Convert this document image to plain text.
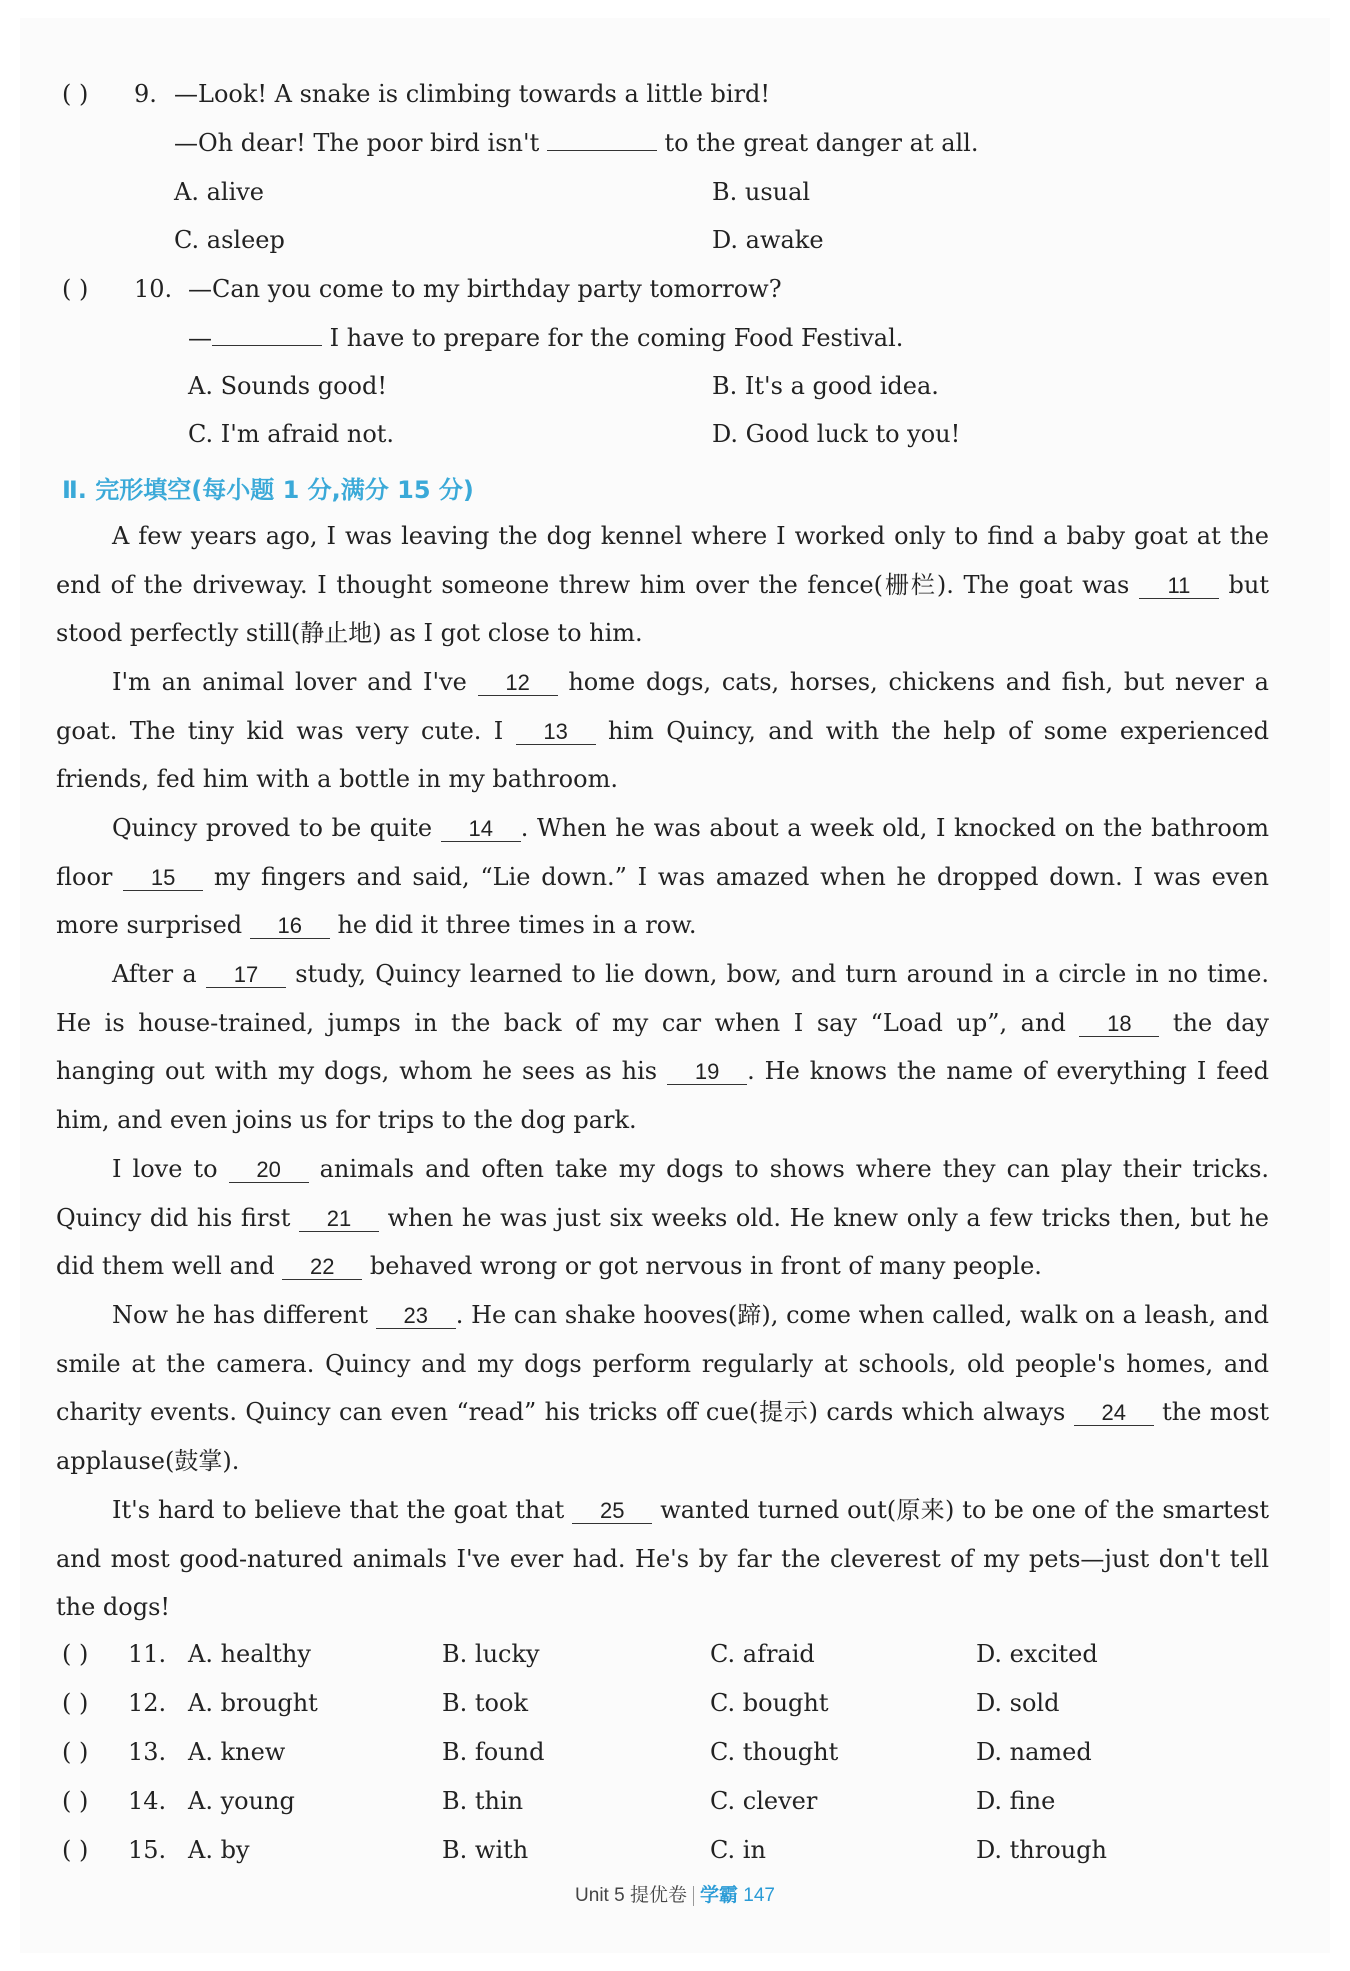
( ) 9. —Look! A snake is climbing towards a little bird!
—Oh dear! The poor bird isn't	to the great danger at all.
A. alive	B. usual
C. asleep	D. awake
( ) 10. —Can you come to my birthday party tomorrow?
—	I have to prepare for the coming Food Festival.
A. Sounds good!	B. It's a good idea.
C. I'm afraid not.	D. Good luck to you!
Ⅱ. 完形填空(每小题 1 分,满分 15 分)
A few years ago, I was leaving the dog kennel where I worked only to find a baby goat at the end of the driveway. I thought someone threw him over the fence(栅栏). The goat was 11 but stood perfectly still(静止地) as I got close to him.
I'm an animal lover and I've 12 home dogs, cats, horses, chickens and fish, but never a goat. The tiny kid was very cute. I 13 him Quincy, and with the help of some experienced friends, fed him with a bottle in my bathroom.
Quincy proved to be quite 14 . When he was about a week old, I knocked on the bathroom floor 15 my fingers and said, “Lie down.” I was amazed when he dropped down. I was even more surprised 16 he did it three times in a row.
After a 17 study, Quincy learned to lie down, bow, and turn around in a circle in no time. He is house-trained, jumps in the back of my car when I say “Load up”, and 18 the day hanging out with my dogs, whom he sees as his 19 . He knows the name of everything I feed him, and even joins us for trips to the dog park.
I love to 20 animals and often take my dogs to shows where they can play their tricks. Quincy did his first 21 when he was just six weeks old. He knew only a few tricks then, but he did them well and 22 behaved wrong or got nervous in front of many people.
Now he has different 23 . He can shake hooves(蹄), come when called, walk on a leash, and smile at the camera. Quincy and my dogs perform regularly at schools, old people's homes, and charity events. Quincy can even “read” his tricks off cue(提示) cards which always 24 the most applause(鼓掌).
It's hard to believe that the goat that 25 wanted turned out(原来) to be one of the smartest and most good-natured animals I've ever had. He's by far the cleverest of my pets—just don't tell the dogs!
( ) 11. A. healthy	B. lucky	C. afraid	D. excited
( ) 12. A. brought	B. took	C. bought	D. sold
( ) 13. A. knew	B. found	C. thought	D. named
( ) 14. A. young	B. thin	C. clever	D. fine
( ) 15. A. by	B. with	C. in	D. through
Unit 5 提优卷 学霸 147
